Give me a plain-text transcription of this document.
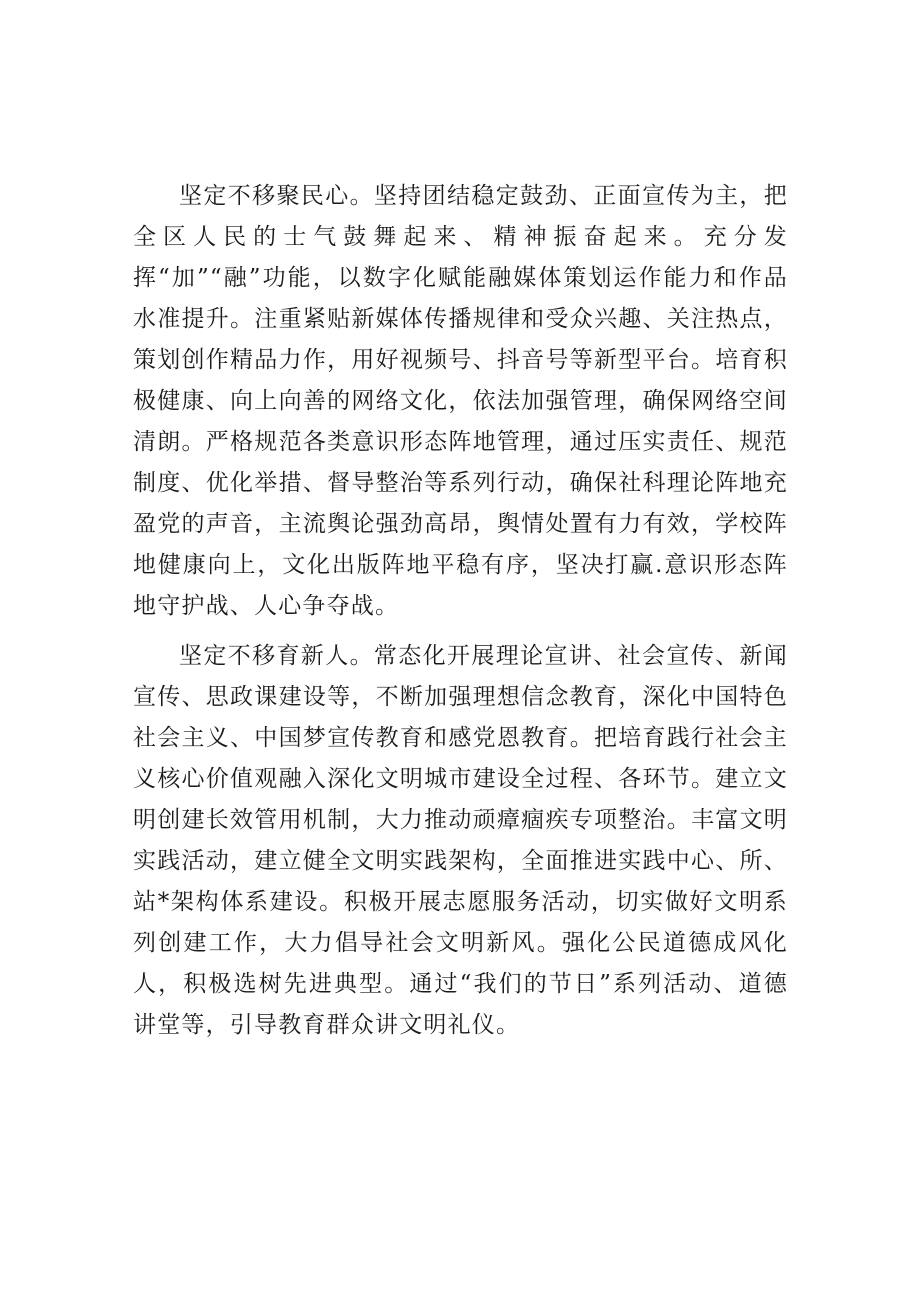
坚定不移聚民心。坚持团结稳定鼓劲、正面宣传为主，把全区人民的士气鼓舞起来、精神振奋起来。充分发挥“加”“融”功能，以数字化赋能融媒体策划运作能力和作品水准提升。注重紧贴新媒体传播规律和受众兴趣、关注热点，策划创作精品力作，用好视频号、抖音号等新型平台。培育积极健康、向上向善的网络文化，依法加强管理，确保网络空间清朗。严格规范各类意识形态阵地管理，通过压实责任、规范制度、优化举措、督导整治等系列行动，确保社科理论阵地充盈党的声音，主流舆论强劲高昂，舆情处置有力有效，学校阵地健康向上，文化出版阵地平稳有序，坚决打赢.意识形态阵地守护战、人心争夺战。

坚定不移育新人。常态化开展理论宣讲、社会宣传、新闻宣传、思政课建设等，不断加强理想信念教育，深化中国特色社会主义、中国梦宣传教育和感党恩教育。把培育践行社会主义核心价值观融入深化文明城市建设全过程、各环节。建立文明创建长效管用机制，大力推动顽瘴痼疾专项整治。丰富文明实践活动，建立健全文明实践架构，全面推进实践中心、所、站*架构体系建设。积极开展志愿服务活动，切实做好文明系列创建工作，大力倡导社会文明新风。强化公民道德成风化人，积极选树先进典型。通过“我们的节日”系列活动、道德讲堂等，引导教育群众讲文明礼仪。
